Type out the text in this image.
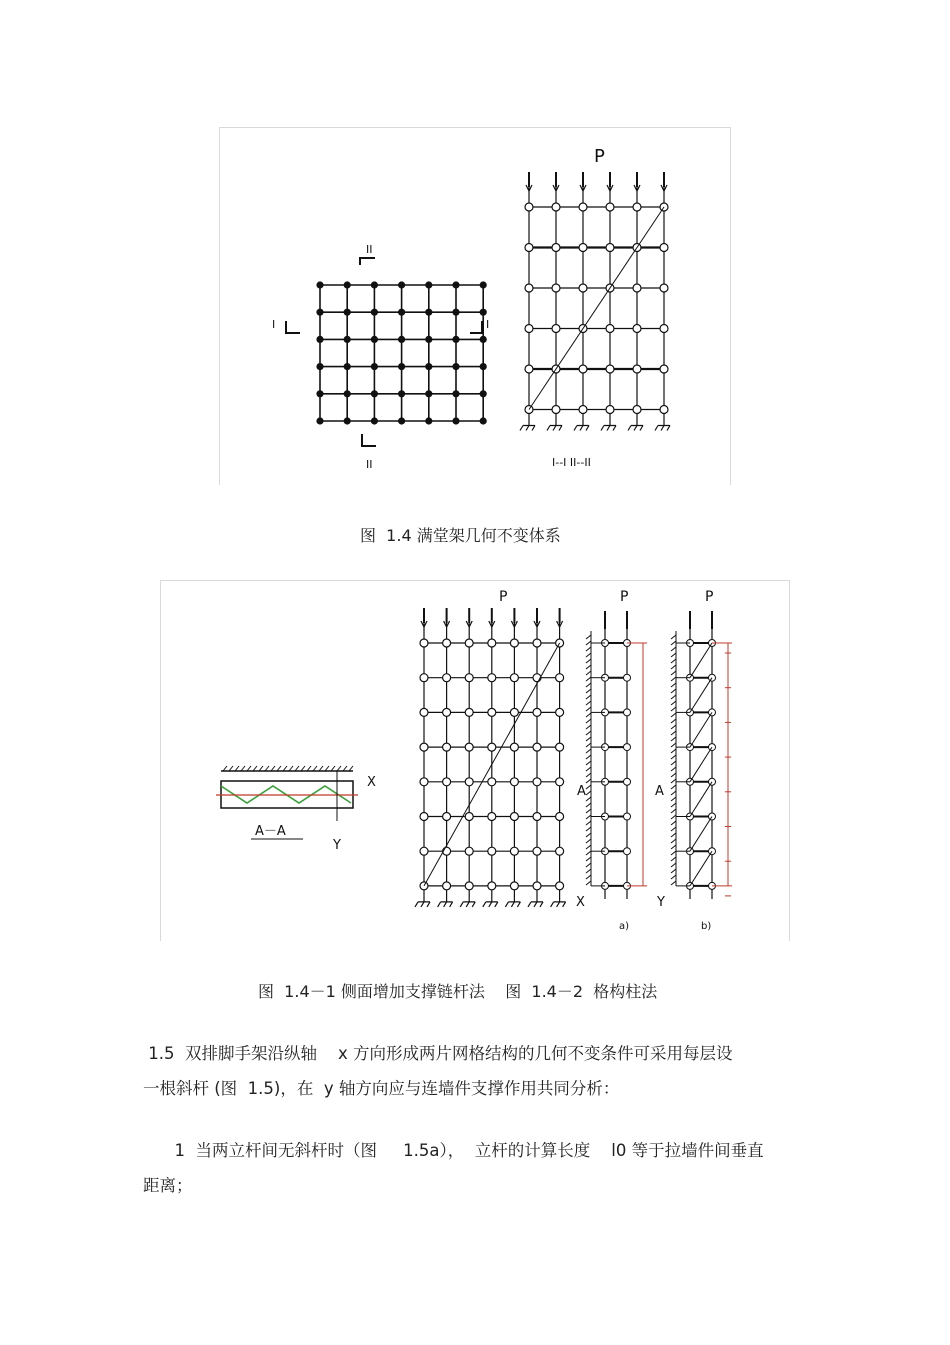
II
I	I
II
P
I--I II--II
图  1.4 满堂架几何不变体系
X
Y
A－A
P
X
P
A	A
Y
a)
P
b)
图  1.4－1 侧面增加支撑链杆法    图  1.4－2  格构柱法
1.5  双排脚手架沿纵轴    x 方向形成两片网格结构的几何不变条件可采用每层设
一根斜杆 (图  1.5)，在  y 轴方向应与连墙件支撑作用共同分析：
1  当两立杆间无斜杆时（图     1.5a），  立杆的计算长度    l0 等于拉墙件间垂直
距离；
